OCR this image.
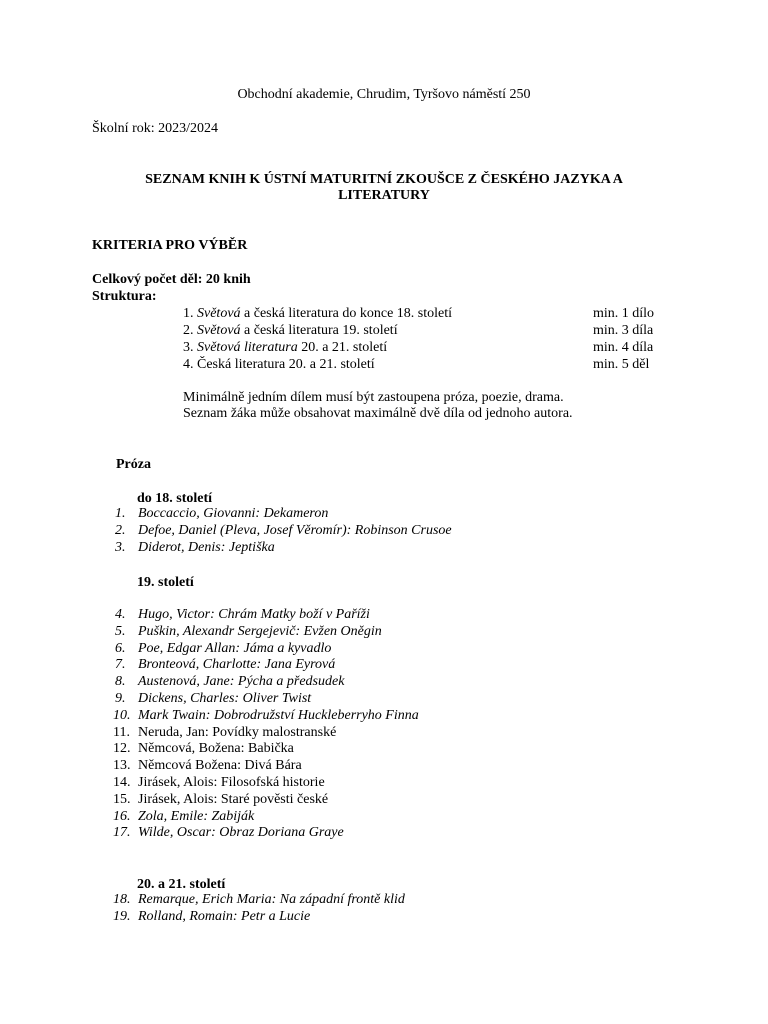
Obchodní akademie, Chrudim, Tyršovo náměstí 250
Školní rok: 2023/2024
SEZNAM KNIH K ÚSTNÍ MATURITNÍ ZKOUŠCE Z ČESKÉHO JAZYKA A
LITERATURY
KRITERIA PRO VÝBĚR
Celkový počet děl: 20 knih
Struktura:
1. Světová a česká literatura do konce 18. století	min. 1 dílo
2. Světová a česká literatura 19. století	min. 3 díla
3. Světová literatura 20. a 21. století	min. 4 díla
4. Česká literatura 20. a 21. století	min. 5 děl
Minimálně jedním dílem musí být zastoupena próza, poezie, drama.
Seznam žáka může obsahovat maximálně dvě díla od jednoho autora.
Próza
do 18. století
1. Boccaccio, Giovanni: Dekameron
2. Defoe, Daniel (Pleva, Josef Věromír): Robinson Crusoe
3. Diderot, Denis: Jeptiška
19. století
4. Hugo, Victor: Chrám Matky boží v Paříži
5. Puškin, Alexandr Sergejevič: Evžen Oněgin
6. Poe, Edgar Allan: Jáma a kyvadlo
7. Bronteová, Charlotte: Jana Eyrová
8. Austenová, Jane: Pýcha a předsudek
9. Dickens, Charles: Oliver Twist
10. Mark Twain: Dobrodružství Huckleberryho Finna
11. Neruda, Jan: Povídky malostranské
12. Němcová, Božena: Babička
13. Němcová Božena: Divá Bára
14. Jirásek, Alois: Filosofská historie
15. Jirásek, Alois: Staré pověsti české
16. Zola, Emile: Zabiják
17. Wilde, Oscar: Obraz Doriana Graye
20. a 21. století
18. Remarque, Erich Maria: Na západní frontě klid
19. Rolland, Romain: Petr a Lucie
